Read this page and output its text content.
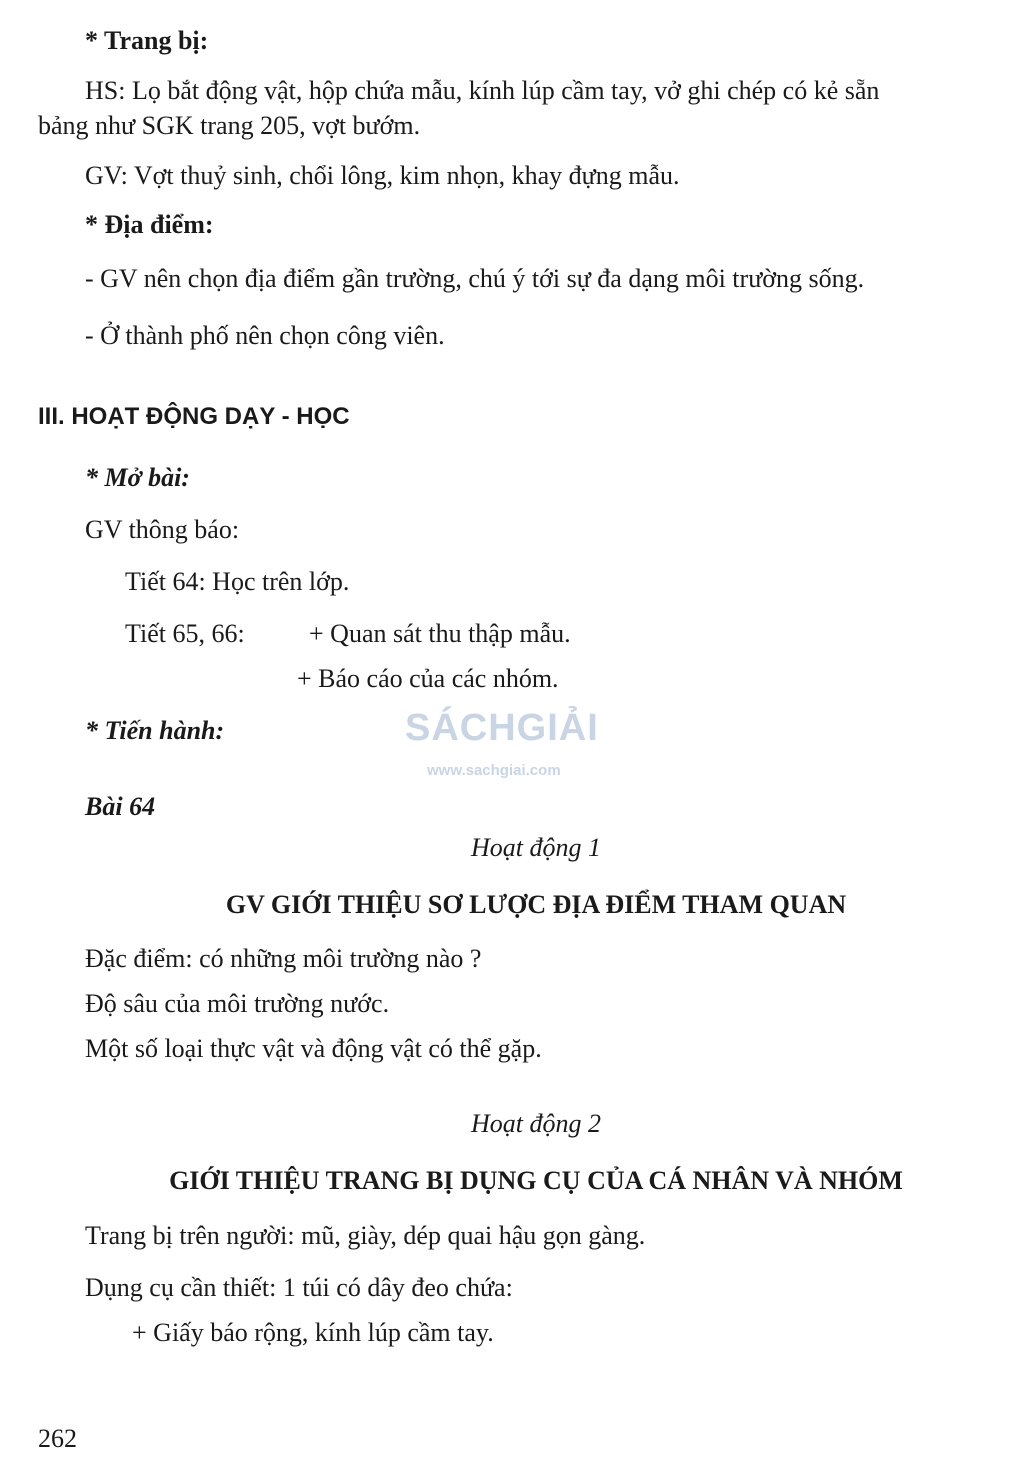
* Trang bị:
HS: Lọ bắt động vật, hộp chứa mẫu, kính lúp cầm tay, vở ghi chép có kẻ sẵn
bảng như SGK trang 205, vợt bướm.
GV: Vợt thuỷ sinh, chổi lông, kim nhọn, khay đựng mẫu.
* Địa điểm:
- GV nên chọn địa điểm gần trường, chú ý tới sự đa dạng môi trường sống.
- Ở thành phố nên chọn công viên.
III. HOẠT ĐỘNG DẠY - HỌC
* Mở bài:
GV thông báo:
Tiết 64: Học trên lớp.
Tiết 65, 66: + Quan sát thu thập mẫu.
+ Báo cáo của các nhóm.
* Tiến hành:	SÁCHGIẢI
www.sachgiai.com
Bài 64
Hoạt động 1
GV GIỚI THIỆU SƠ LƯỢC ĐỊA ĐIỂM THAM QUAN
Đặc điểm: có những môi trường nào ?
Độ sâu của môi trường nước.
Một số loại thực vật và động vật có thể gặp.
Hoạt động 2
GIỚI THIỆU TRANG BỊ DỤNG CỤ CỦA CÁ NHÂN VÀ NHÓM
Trang bị trên người: mũ, giày, dép quai hậu gọn gàng.
Dụng cụ cần thiết: 1 túi có dây đeo chứa:
+ Giấy báo rộng, kính lúp cầm tay.
262
